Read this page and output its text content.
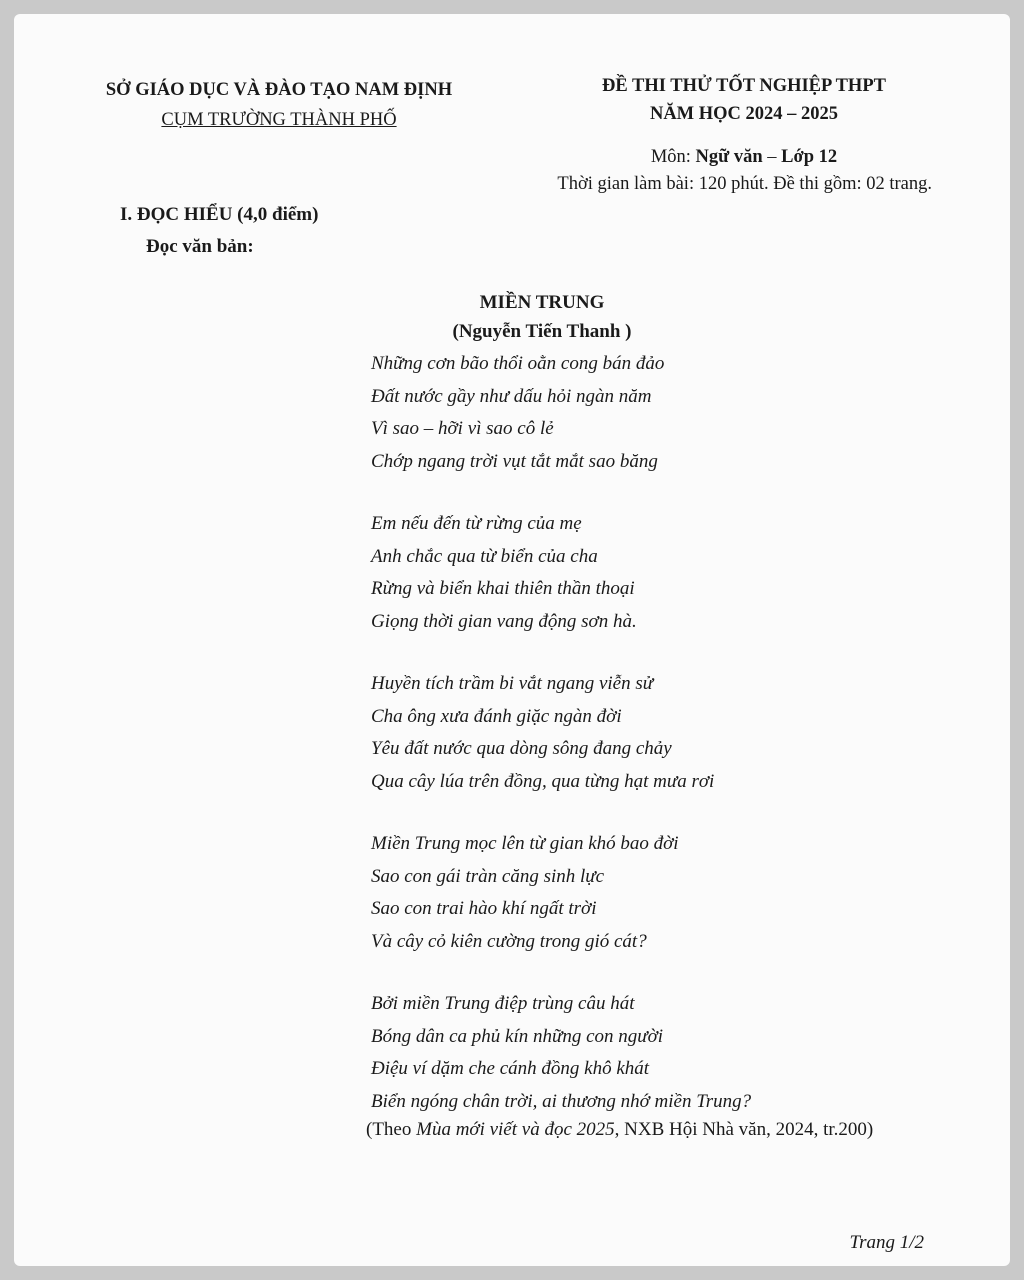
SỞ GIÁO DỤC VÀ ĐÀO TẠO NAM ĐỊNH
CỤM TRƯỜNG THÀNH PHỐ
ĐỀ THI THỬ TỐT NGHIỆP THPT
NĂM HỌC 2024 – 2025
Môn: Ngữ văn – Lớp 12
Thời gian làm bài: 120 phút. Đề thi gồm: 02 trang.
I. ĐỌC HIỂU (4,0 điểm)
Đọc văn bản:
MIỀN TRUNG
(Nguyễn Tiến Thanh )
Những cơn bão thổi oằn cong bán đảo
Đất nước gầy như dấu hỏi ngàn năm
Vì sao – hỡi vì sao cô lẻ
Chớp ngang trời vụt tắt mắt sao băng
Em nếu đến từ rừng của mẹ
Anh chắc qua từ biển của cha
Rừng và biển khai thiên thần thoại
Giọng thời gian vang động sơn hà.
Huyền tích trầm bi vắt ngang viễn sử
Cha ông xưa đánh giặc ngàn đời
Yêu đất nước qua dòng sông đang chảy
Qua cây lúa trên đồng, qua từng hạt mưa rơi
Miền Trung mọc lên từ gian khó bao đời
Sao con gái tràn căng sinh lực
Sao con trai hào khí ngất trời
Và cây cỏ kiên cường trong gió cát?
Bởi miền Trung điệp trùng câu hát
Bóng dân ca phủ kín những con người
Điệu ví dặm che cánh đồng khô khát
Biển ngóng chân trời, ai thương nhớ miền Trung?
(Theo Mùa mới viết và đọc 2025, NXB Hội Nhà văn, 2024, tr.200)
Trang 1/2
